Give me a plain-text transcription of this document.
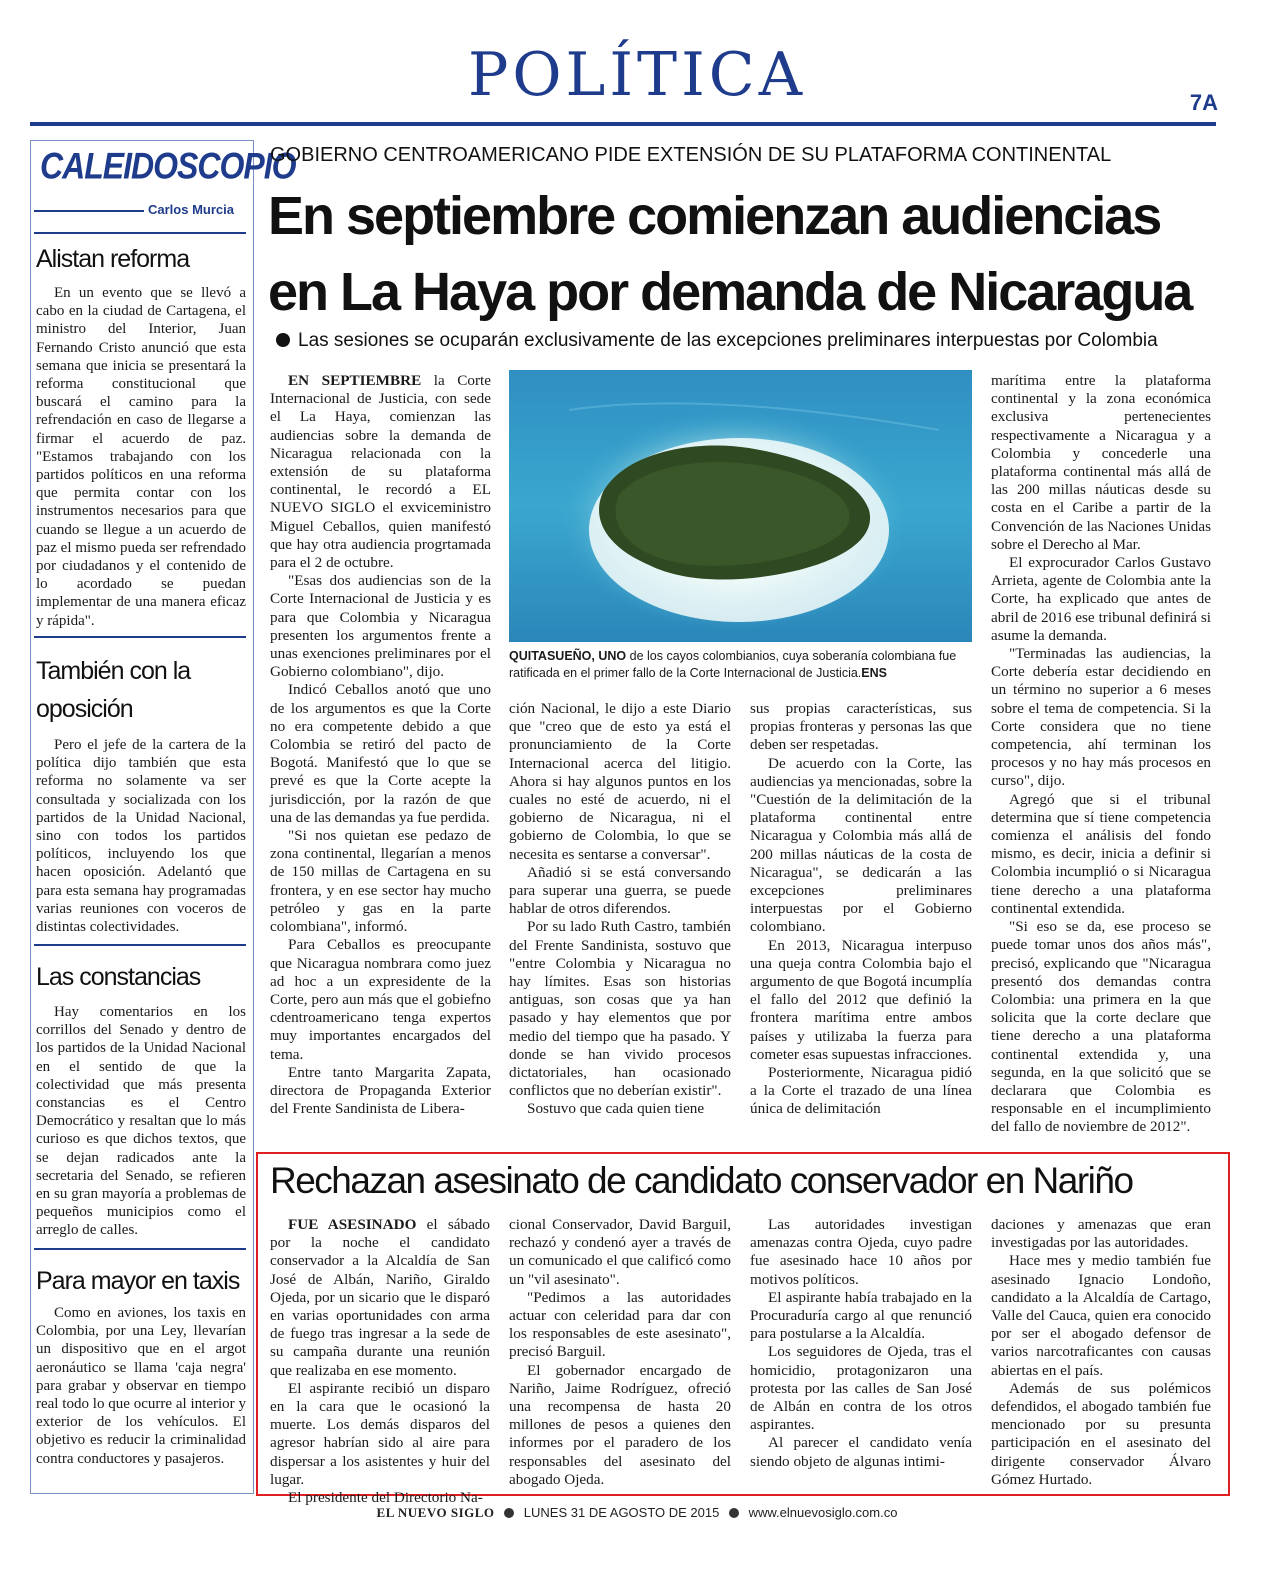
POLÍTICA	7A
CALEIDOSCOPIO
Carlos Murcia
Alistan reforma

En un evento que se llevó a cabo en la ciudad de Cartagena, el ministro del Interior, Juan Fernando Cristo anunció que esta semana que inicia se presentará la reforma constitucional que buscará el camino para la refrendación en caso de llegarse a firmar el acuerdo de paz. "Estamos trabajando con los partidos políticos en una reforma que permita contar con los instrumentos necesarios para que cuando se llegue a un acuerdo de paz el mismo pueda ser refrendado por ciudadanos y el contenido de lo acordado se puedan implementar de una manera eficaz y rápida".

También con la oposición

Pero el jefe de la cartera de la política dijo también que esta reforma no solamente va ser consultada y socializada con los partidos de la Unidad Nacional, sino con todos los partidos políticos, incluyendo los que hacen oposición. Adelantó que para esta semana hay programadas varias reuniones con voceros de distintas colectividades.

Las constancias

Hay comentarios en los corrillos del Senado y dentro de los partidos de la Unidad Nacional en el sentido de que la colectividad que más presenta constancias es el Centro Democrático y resaltan que lo más curioso es que dichos textos, que se dejan radicados ante la secretaria del Senado, se refieren en su gran mayoría a problemas de pequeños municipios como el arreglo de calles.

Para mayor en taxis

Como en aviones, los taxis en Colombia, por una Ley, llevarían un dispositivo que en el argot aeronáutico se llama 'caja negra' para grabar y observar en tiempo real todo lo que ocurre al interior y exterior de los vehículos. El objetivo es reducir la criminalidad contra conductores y pasajeros.

GOBIERNO CENTROAMERICANO PIDE EXTENSIÓN DE SU PLATAFORMA CONTINENTAL
En septiembre comienzan audiencias en La Haya por demanda de Nicaragua
Las sesiones se ocuparán exclusivamente de las excepciones preliminares interpuestas por Colombia

EN SEPTIEMBRE la Corte Internacional de Justicia, con sede el La Haya, comienzan las audiencias sobre la demanda de Nicaragua relacionada con la extensión de su plataforma continental, le recordó a EL NUEVO SIGLO el exviceministro Miguel Ceballos, quien manifestó que hay otra audiencia progrtamada para el 2 de octubre.

"Esas dos audiencias son de la Corte Internacional de Justicia y es para que Colombia y Nicaragua presenten los argumentos frente a unas exenciones preliminares por el Gobierno colombiano", dijo.

Indicó Ceballos anotó que uno de los argumentos es que la Corte no era competente debido a que Colombia se retiró del pacto de Bogotá. Manifestó que lo que se prevé es que la Corte acepte la jurisdicción, por la razón de que una de las demandas ya fue perdida.

"Si nos quietan ese pedazo de zona continental, llegarían a menos de 150 millas de Cartagena en su frontera, y en ese sector hay mucho petróleo y gas en la parte colombiana", informó.

Para Ceballos es preocupante que Nicaragua nombrara como juez ad hoc a un expresidente de la Corte, pero aun más que el gobiefno cdentroamericano tenga expertos muy importantes encargados del tema.

Entre tanto Margarita Zapata, directora de Propaganda Exterior del Frente Sandinista de Libera-

QUITASUEÑO, UNO de los cayos colombianios, cuya soberanía colombiana fue ratificada en el primer fallo de la Corte Internacional de Justicia.ENS

ción Nacional, le dijo a este Diario que "creo que de esto ya está el pronunciamiento de la Corte Internacional acerca del litigio. Ahora si hay algunos puntos en los cuales no esté de acuerdo, ni el gobierno de Nicaragua, ni el gobierno de Colombia, lo que se necesita es sentarse a conversar".

Añadió si se está conversando para superar una guerra, se puede hablar de otros diferendos.

Por su lado Ruth Castro, también del Frente Sandinista, sostuvo que "entre Colombia y Nicaragua no hay límites. Esas son historias antiguas, son cosas que ya han pasado y hay elementos que por medio del tiempo que ha pasado. Y donde se han vivido procesos dictatoriales, han ocasionado conflictos que no deberían existir".

Sostuvo que cada quien tiene

sus propias características, sus propias fronteras y personas las que deben ser respetadas.

De acuerdo con la Corte, las audiencias ya mencionadas, sobre la "Cuestión de la delimitación de la plataforma continental entre Nicaragua y Colombia más allá de 200 millas náuticas de la costa de Nicaragua", se dedicarán a las excepciones preliminares interpuestas por el Gobierno colombiano.

En 2013, Nicaragua interpuso una queja contra Colombia bajo el argumento de que Bogotá incumplía el fallo del 2012 que definió la frontera marítima entre ambos países y utilizaba la fuerza para cometer esas supuestas infracciones.

Posteriormente, Nicaragua pidió a la Corte el trazado de una línea única de delimitación

marítima entre la plataforma continental y la zona económica exclusiva pertenecientes respectivamente a Nicaragua y a Colombia y concederle una plataforma continental más allá de las 200 millas náuticas desde su costa en el Caribe a partir de la Convención de las Naciones Unidas sobre el Derecho al Mar.

El exprocurador Carlos Gustavo Arrieta, agente de Colombia ante la Corte, ha explicado que antes de abril de 2016 ese tribunal definirá si asume la demanda.

"Terminadas las audiencias, la Corte debería estar decidiendo en un término no superior a 6 meses sobre el tema de competencia. Si la Corte considera que no tiene competencia, ahí terminan los procesos y no hay más procesos en curso", dijo.

Agregó que si el tribunal determina que sí tiene competencia comienza el análisis del fondo mismo, es decir, inicia a definir si Colombia incumplió o si Nicaragua tiene derecho a una plataforma continental extendida.

"Si eso se da, ese proceso se puede tomar unos dos años más", precisó, explicando que "Nicaragua presentó dos demandas contra Colombia: una primera en la que solicita que la corte declare que tiene derecho a una plataforma continental extendida y, una segunda, en la que solicitó que se declarara que Colombia es responsable en el incumplimiento del fallo de noviembre de 2012".

Rechazan asesinato de candidato conservador en Nariño

FUE ASESINADO el sábado por la noche el candidato conservador a la Alcaldía de San José de Albán, Nariño, Giraldo Ojeda, por un sicario que le disparó en varias oportunidades con arma de fuego tras ingresar a la sede de su campaña durante una reunión que realizaba en ese momento.

El aspirante recibió un disparo en la cara que le ocasionó la muerte. Los demás disparos del agresor habrían sido al aire para dispersar a los asistentes y huir del lugar.

El presidente del Directorio Na-

cional Conservador, David Barguil, rechazó y condenó ayer a través de un comunicado el que calificó como un "vil asesinato".

"Pedimos a las autoridades actuar con celeridad para dar con los responsables de este asesinato", precisó Barguil.

El gobernador encargado de Nariño, Jaime Rodríguez, ofreció una recompensa de hasta 20 millones de pesos a quienes den informes por el paradero de los responsables del asesinato del abogado Ojeda.

Las autoridades investigan amenazas contra Ojeda, cuyo padre fue asesinado hace 10 años por motivos políticos.

El aspirante había trabajado en la Procuraduría cargo al que renunció para postularse a la Alcaldía.

Los seguidores de Ojeda, tras el homicidio, protagonizaron una protesta por las calles de San José de Albán en contra de los otros aspirantes.

Al parecer el candidato venía siendo objeto de algunas intimi-

daciones y amenazas que eran investigadas por las autoridades.

Hace mes y medio también fue asesinado Ignacio Londoño, candidato a la Alcaldía de Cartago, Valle del Cauca, quien era conocido por ser el abogado defensor de varios narcotraficantes con causas abiertas en el país.

Además de sus polémicos defendidos, el abogado también fue mencionado por su presunta participación en el asesinato del dirigente conservador Álvaro Gómez Hurtado.

EL NUEVO SIGLO LUNES 31 DE AGOSTO DE 2015 www.elnuevosiglo.com.co
